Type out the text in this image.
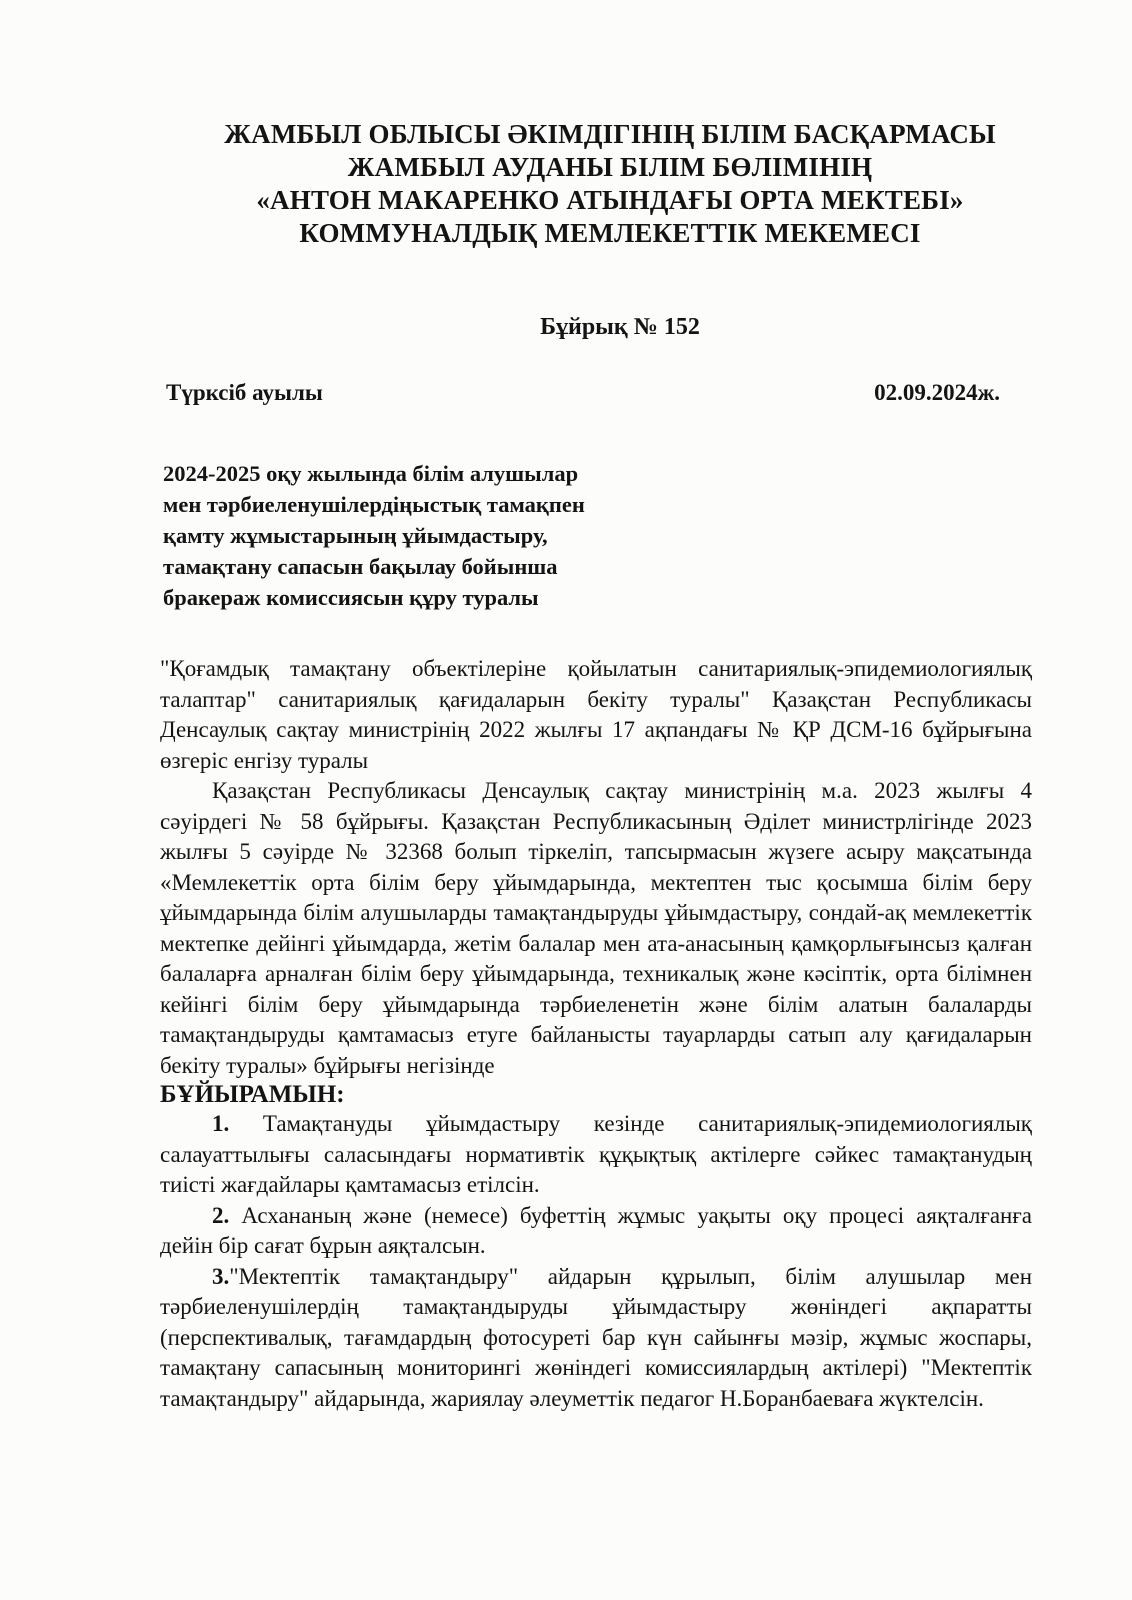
ЖАМБЫЛ ОБЛЫСЫ ӘКІМДІГІНІҢ БІЛІМ БАСҚАРМАСЫ
ЖАМБЫЛ АУДАНЫ БІЛІМ БӨЛІМІНІҢ
«АНТОН МАКАРЕНКО АТЫНДАҒЫ ОРТА МЕКТЕБІ»
КОММУНАЛДЫҚ МЕМЛЕКЕТТІК МЕКЕМЕСІ
Бұйрық № 152
Түрксіб ауылы	02.09.2024ж.
2024-2025 оқу жылында білім алушылар
мен тәрбиеленушілердіңыстық тамақпен
қамту жұмыстарының ұйымдастыру,
тамақтану сапасын бақылау бойынша
бракераж комиссиясын құру туралы

"Қоғамдық тамақтану объектілеріне қойылатын санитариялық-эпидемиологиялық талаптар" санитариялық қағидаларын бекіту туралы" Қазақстан Республикасы Денсаулық сақтау министрінің 2022 жылғы 17 ақпандағы № ҚР ДСМ-16 бұйрығына өзгеріс енгізу туралы

Қазақстан Республикасы Денсаулық сақтау министрінің м.а. 2023 жылғы 4 сәуірдегі № 58 бұйрығы. Қазақстан Республикасының Әділет министрлігінде 2023 жылғы 5 сәуірде № 32368 болып тіркеліп, тапсырмасын жүзеге асыру мақсатында «Мемлекеттік орта білім беру ұйымдарында, мектептен тыс қосымша білім беру ұйымдарында білім алушыларды тамақтандыруды ұйымдастыру, сондай-ақ мемлекеттік мектепке дейінгі ұйымдарда, жетім балалар мен ата-анасының қамқорлығынсыз қалған балаларға арналған білім беру ұйымдарында, техникалық және кәсіптік, орта білімнен кейінгі білім беру ұйымдарында тәрбиеленетін және білім алатын балаларды тамақтандыруды қамтамасыз етуге байланысты тауарларды сатып алу қағидаларын бекіту туралы» бұйрығы негізінде

БҰЙЫРАМЫН:

1. Тамақтануды ұйымдастыру кезінде санитариялық-эпидемиологиялық салауаттылығы саласындағы нормативтік құқықтық актілерге сәйкес тамақтанудың тиісті жағдайлары қамтамасыз етілсін.

2. Асхананың және (немесе) буфеттің жұмыс уақыты оқу процесі аяқталғанға дейін бір сағат бұрын аяқталсын.

3."Мектептік тамақтандыру" айдарын құрылып, білім алушылар мен тәрбиеленушілердің тамақтандыруды ұйымдастыру жөніндегі ақпаратты (перспективалық, тағамдардың фотосуреті бар күн сайынғы мәзір, жұмыс жоспары, тамақтану сапасының мониторингі жөніндегі комиссиялардың актілері) "Мектептік тамақтандыру" айдарында, жариялау әлеуметтік педагог Н.Боранбаеваға жүктелсін.
